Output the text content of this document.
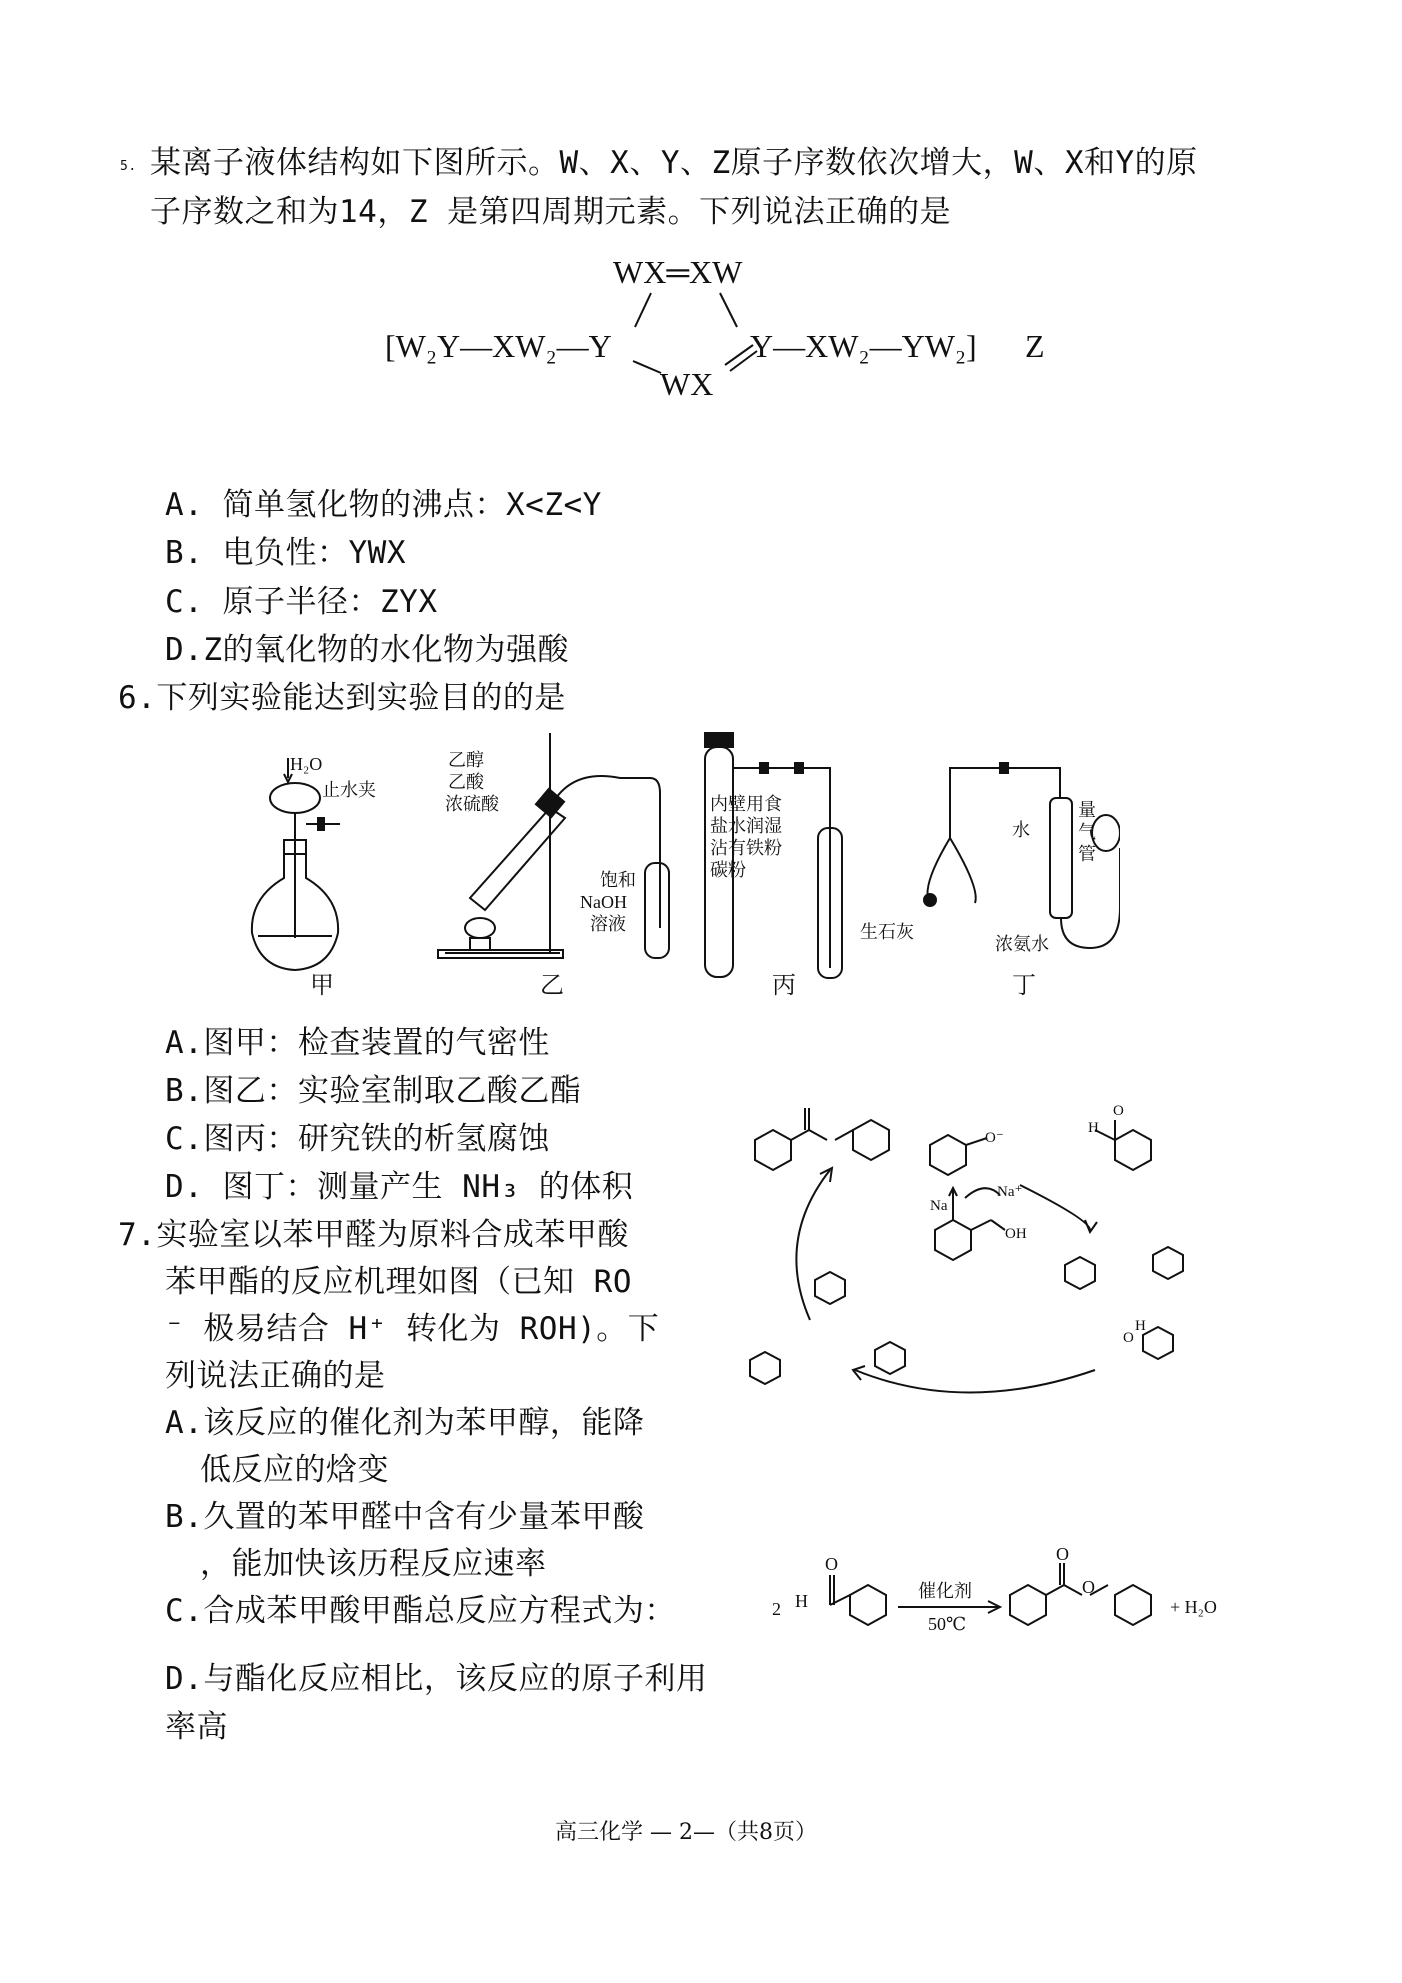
5. 某离子液体结构如下图所示。W、X、Y、Z原子序数依次增大，W、X和Y的原
子序数之和为14，Z 是第四周期元素。下列说法正确的是
WX═XW
[W₂Y—XW₂—Y
WX
Y—XW₂—YW₂] Z
A. 简单氢化物的沸点：X<Z<Y
B. 电负性：YWX
C. 原子半径：ZYX
D.Z的氧化物的水化物为强酸
6.下列实验能达到实验目的的是
H₂O
止水夹
乙醇
乙酸
浓硫酸
饱和
NaOH
溶液
内壁用食
盐水润湿
沾有铁粉
碳粉
水
量
气
管
生石灰
浓氨水
甲	乙	丙	丁
A.图甲：检查装置的气密性
B.图乙：实验室制取乙酸乙酯
C.图丙：研究铁的析氢腐蚀
D. 图丁：测量产生 NH₃ 的体积
7.实验室以苯甲醛为原料合成苯甲酸
苯甲酯的反应机理如图（已知 RO
⁻ 极易结合 H⁺ 转化为 ROH)。下
列说法正确的是
A.该反应的催化剂为苯甲醇，能降
低反应的焓变
B.久置的苯甲醛中含有少量苯甲酸
，能加快该历程反应速率
C.合成苯甲酸甲酯总反应方程式为：
D.与酯化反应相比，该反应的原子利用
率高
O⁻
H
O
Na
Na⁺
OH
H
O
2 H
O
催化剂
50℃
O
O
+ H₂O
高三化学 — 2—（共8页）
